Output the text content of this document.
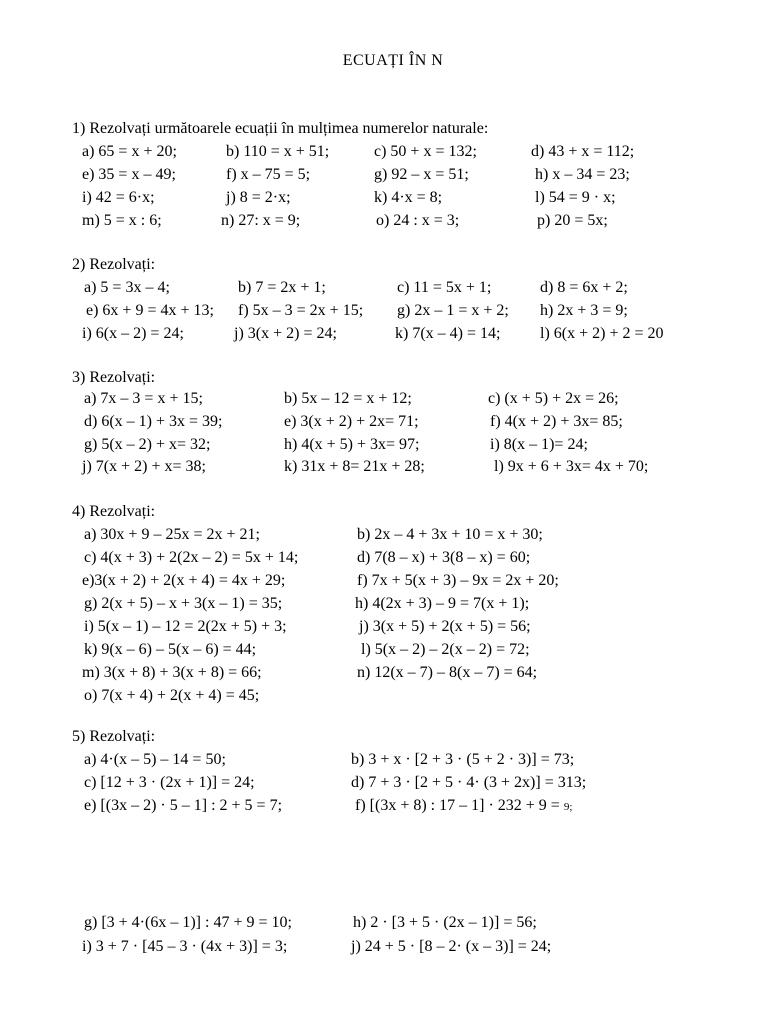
ECUAȚI ÎN N
1) Rezolvați următoarele ecuații în mulțimea numerelor naturale:
a) 65 = x + 20;	b) 110 = x + 51;	c) 50 + x = 132;	d) 43 + x = 112;
e) 35 = x – 49;	f) x – 75 = 5;	g) 92 – x = 51;	h) x – 34 = 23;
i) 42 = 6·x;	j) 8 = 2·x;	k) 4·x = 8;	l) 54 = 9 · x;
m) 5 = x : 6;	n) 27: x = 9;	o) 24 : x = 3;	p) 20 = 5x;
2) Rezolvați:
a) 5 = 3x – 4;	b) 7 = 2x + 1;	c) 11 = 5x + 1;	d) 8 = 6x + 2;
e) 6x + 9 = 4x + 13; f) 5x – 3 = 2x + 15; g) 2x – 1 = x + 2; h) 2x + 3 = 9;
i) 6(x – 2) = 24;	j) 3(x + 2) = 24;	k) 7(x – 4) = 14; l) 6(x + 2) + 2 = 20
3) Rezolvați:
a) 7x – 3 = x + 15;	b) 5x – 12 = x + 12;	c) (x + 5) + 2x = 26;
d) 6(x – 1) + 3x = 39;	e) 3(x + 2) + 2x= 71;	f) 4(x + 2) + 3x= 85;
g) 5(x – 2) + x= 32;	h) 4(x + 5) + 3x= 97;	i) 8(x – 1)= 24;
j) 7(x + 2) + x= 38;	k) 31x + 8= 21x + 28;	l) 9x + 6 + 3x= 4x + 70;
4) Rezolvați:
a) 30x + 9 – 25x = 2x + 21;	b) 2x – 4 + 3x + 10 = x + 30;
c) 4(x + 3) + 2(2x – 2) = 5x + 14;	d) 7(8 – x) + 3(8 – x) = 60;
e)3(x + 2) + 2(x + 4) = 4x + 29;	f) 7x + 5(x + 3) – 9x = 2x + 20;
g) 2(x + 5) – x + 3(x – 1) = 35;	h) 4(2x + 3) – 9 = 7(x + 1);
i) 5(x – 1) – 12 = 2(2x + 5) + 3;	j) 3(x + 5) + 2(x + 5) = 56;
k) 9(x – 6) – 5(x – 6) = 44;	l) 5(x – 2) – 2(x – 2) = 72;
m) 3(x + 8) + 3(x + 8) = 66;	n) 12(x – 7) – 8(x – 7) = 64;
o) 7(x + 4) + 2(x + 4) = 45;
5) Rezolvați:
a) 4·(x – 5) – 14 = 50;	b) 3 + x · [2 + 3 · (5 + 2 · 3)] = 73;
c) [12 + 3 · (2x + 1)] = 24;	d) 7 + 3 · [2 + 5 · 4· (3 + 2x)] = 313;
e) [(3x – 2) · 5 – 1] : 2 + 5 = 7;	f) [(3x + 8) : 17 – 1] · 232 + 9 = 9;
g) [3 + 4·(6x – 1)] : 47 + 9 = 10;	h) 2 · [3 + 5 · (2x – 1)] = 56;
i) 3 + 7 · [45 – 3 · (4x + 3)] = 3;	j) 24 + 5 · [8 – 2· (x – 3)] = 24;
